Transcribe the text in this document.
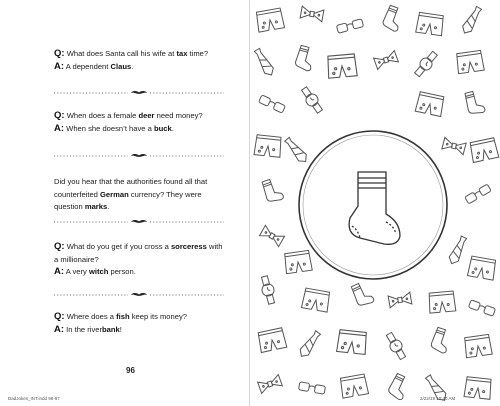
Q: What does Santa call his wife at tax time?
A: A dependent Claus.
Q: When does a female deer need money?
A: When she doesn’t have a buck.
Did you hear that the authorities found all that
counterfeited German currency? They were
question marks.
Q: What do you get if you cross a sorceress with
a millionaire?
A: A very witch person.
Q: Where does a fish keep its money?
A: In the riverbank!
96
DadJokes_INT.indd 96-97	2/22/19 10:40 AM
